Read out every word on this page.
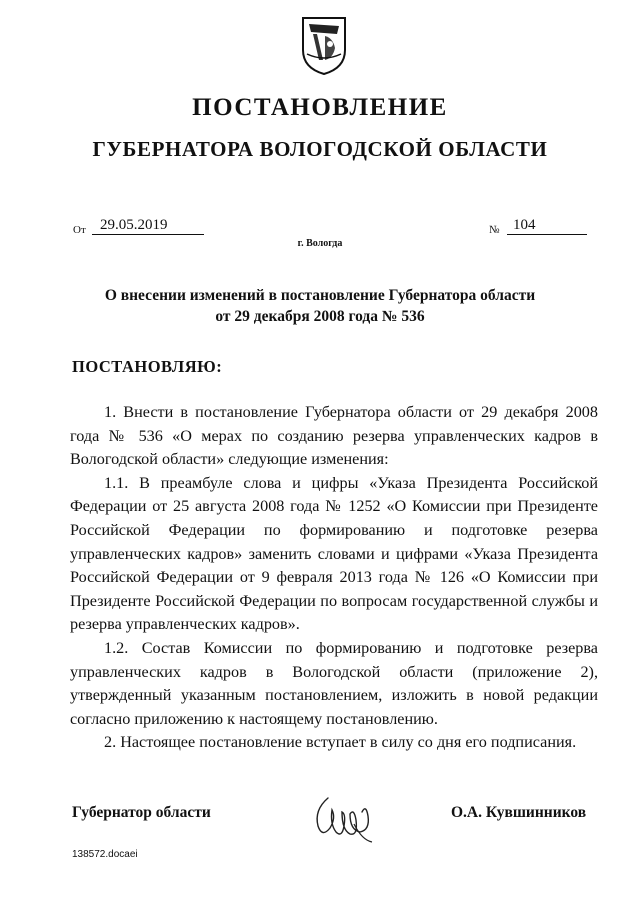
ПОСТАНОВЛЕНИЕ
ГУБЕРНАТОРА ВОЛОГОДСКОЙ ОБЛАСТИ
От 29.05.2019	№ 104
г. Вологда
О внесении изменений в постановление Губернатора области
от 29 декабря 2008 года № 536
ПОСТАНОВЛЯЮ:

1. Внести в постановление Губернатора области от 29 декабря 2008 года № 536 «О мерах по созданию резерва управленческих кадров в Вологодской области» следующие изменения:

1.1. В преамбуле слова и цифры «Указа Президента Российской Федерации от 25 августа 2008 года № 1252 «О Комиссии при Президенте Российской Федерации по формированию и подготовке резерва управленческих кадров» заменить словами и цифрами «Указа Президента Российской Федерации от 9 февраля 2013 года № 126 «О Комиссии при Президенте Российской Федерации по вопросам государственной службы и резерва управленческих кадров».

1.2. Состав Комиссии по формированию и подготовке резерва управленческих кадров в Вологодской области (приложение 2), утвержденный указанным постановлением, изложить в новой редакции согласно приложению к настоящему постановлению.

2. Настоящее постановление вступает в силу со дня его подписания.

Губернатор области	О.А. Кувшинников
138572.docaei
